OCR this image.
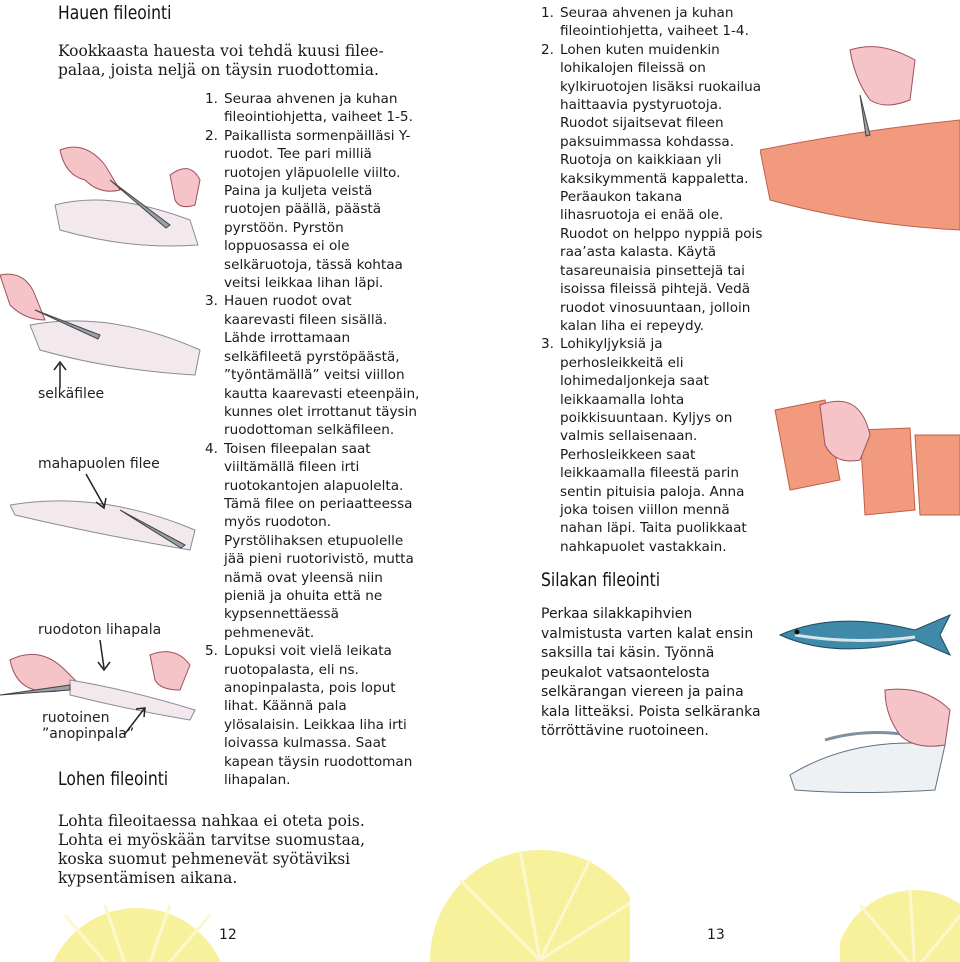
Hauen fileointi
Kookkaasta hauesta voi tehdä kuusi filee-
palaa, joista neljä on täysin ruodottomia.
1. Seuraa ahvenen ja kuhan fileointiohjetta, vaiheet 1-5.
2. Paikallista sormenpäilläsi Y-ruodot. Tee pari milliä ruotojen yläpuolelle viilto. Paina ja kuljeta veistä ruotojen päällä, päästä pyrstöön. Pyrstön loppuosassa ei ole selkäruotoja, tässä kohtaa veitsi leikkaa lihan läpi.
3. Hauen ruodot ovat kaarevasti fileen sisällä. Lähde irrottamaan selkäfileetä pyrstöpäästä, ”työntämällä” veitsi viillon kautta kaarevasti eteenpäin, kunnes olet irrottanut täysin ruodottoman selkäfileen.
4. Toisen fileepalan saat viiltämällä fileen irti ruotokantojen alapuolelta. Tämä filee on periaatteessa myös ruodoton. Pyrstölihaksen etupuolelle jää pieni ruotorivistö, mutta nämä ovat yleensä niin pieniä ja ohuita että ne kypsennettäessä pehmenevät.
5. Lopuksi voit vielä leikata ruotopalasta, eli ns. anopinpalasta, pois loput lihat. Käännä pala ylösalaisin. Leikkaa liha irti loivassa kulmassa. Saat kapean täysin ruodottoman lihapalan.
selkäfilee
mahapuolen filee
ruodoton lihapala
ruotoinen
”anopinpala”
Lohen fileointi
Lohta fileoitaessa nahkaa ei oteta pois. Lohta ei myöskään tarvitse suomustaa, koska suomut pehmenevät syötäviksi kypsentämisen aikana.
12
1. Seuraa ahvenen ja kuhan fileointiohjetta, vaiheet 1-4.
2. Lohen kuten muidenkin lohikalojen fileissä on kylkiruotojen lisäksi ruokailua haittaavia pystyruotoja. Ruodot sijaitsevat fileen paksuimmassa kohdassa. Ruotoja on kaikkiaan yli kaksikymmentä kappaletta. Peräaukon takana lihasruotoja ei enää ole. Ruodot on helppo nyppiä pois raa’asta kalasta. Käytä tasareunaisia pinsettejä tai isoissa fileissä pihtejä. Vedä ruodot vinosuuntaan, jolloin kalan liha ei repeydy.
3. Lohikyljyksiä ja perhosleikkeitä eli lohimedaljonkeja saat leikkaamalla lohta poikkisuuntaan. Kyljys on valmis sellaisenaan. Perhosleikkeen saat leikkaamalla fileestä parin sentin pituisia paloja. Anna joka toisen viillon mennä nahan läpi. Taita puolikkaat nahkapuolet vastakkain.
Silakan fileointi
Perkaa silakkapihvien valmistusta varten kalat ensin saksilla tai käsin. Työnnä peukalot vatsaontelosta selkärangan viereen ja paina kala litteäksi. Poista selkäranka törröttävine ruotoineen.
13
